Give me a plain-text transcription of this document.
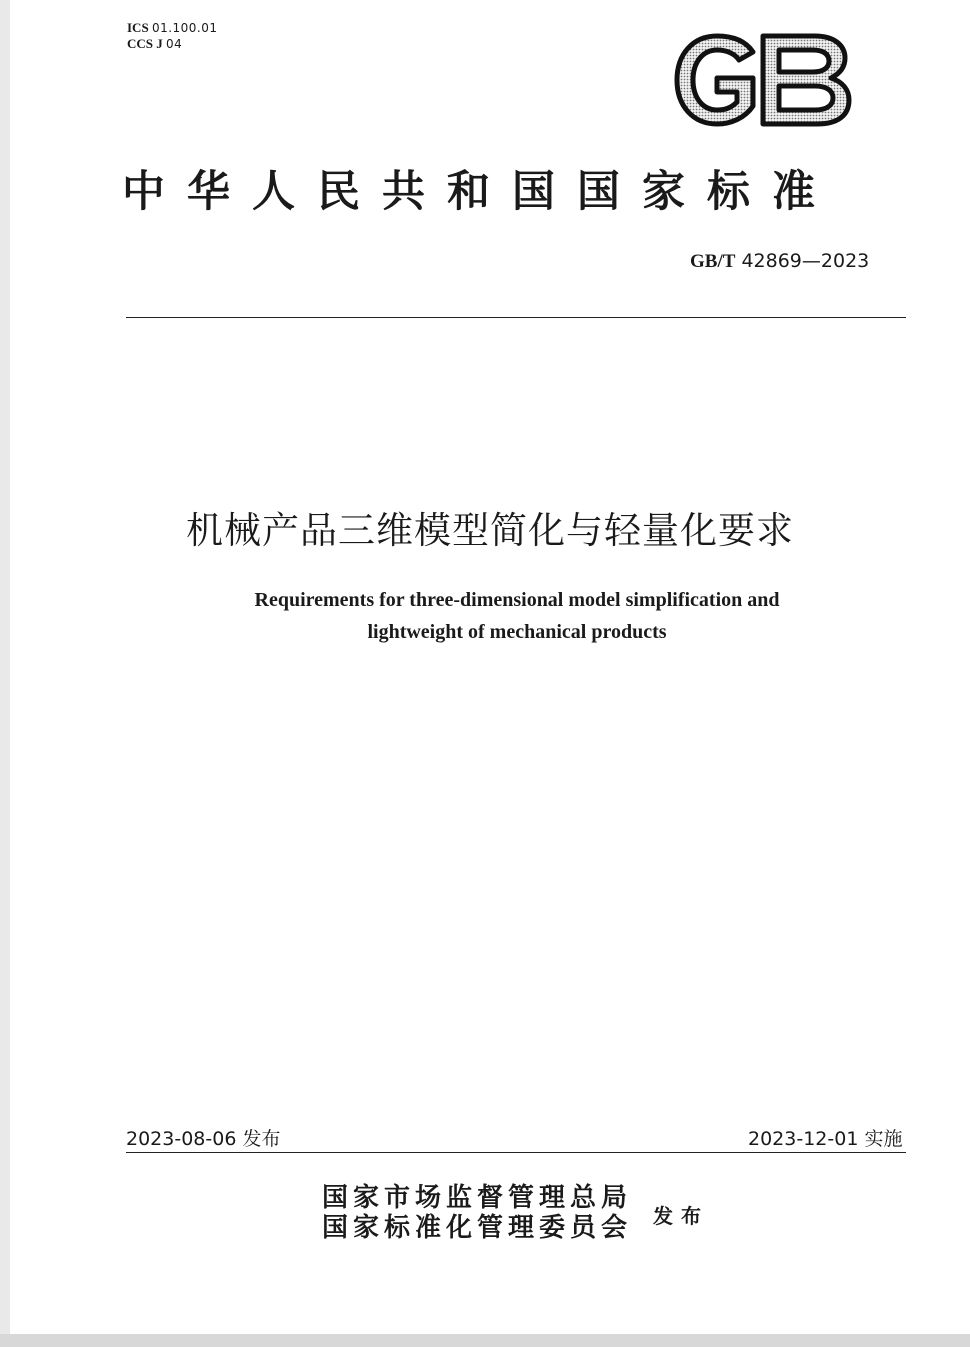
ICS 01.100.01
CCS J 04
中华人民共和国国家标准
GB/T 42869—2023
机械产品三维模型简化与轻量化要求
Requirements for three-dimensional model simplification and
lightweight of mechanical products
2023-08-06 发布	2023-12-01 实施
国家市场监督管理总局
国家标准化管理委员会 发布
